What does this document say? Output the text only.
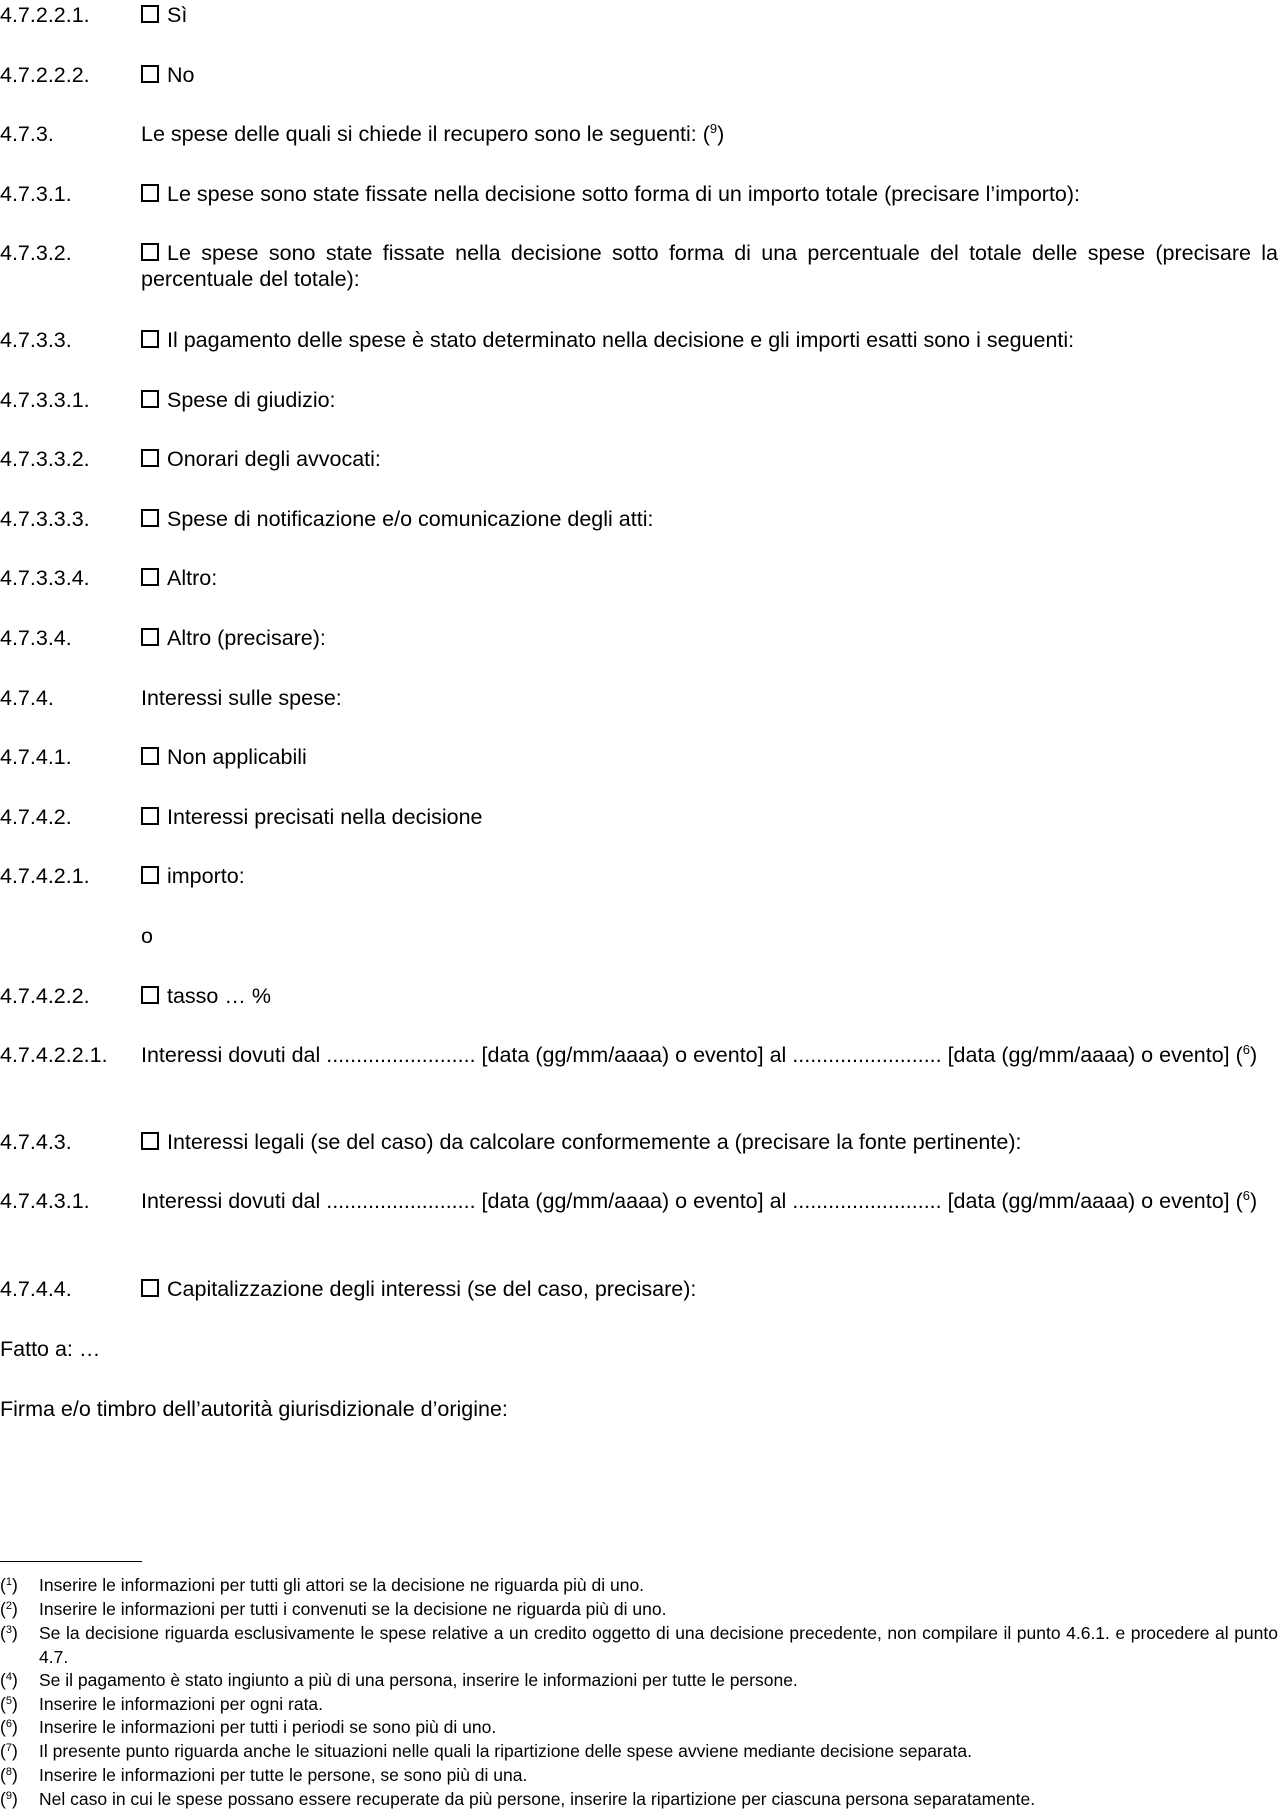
4.7.2.2.1.	Sì
4.7.2.2.2.	No
4.7.3.	Le spese delle quali si chiede il recupero sono le seguenti: ($^9$)
4.7.3.1.	Le spese sono state fissate nella decisione sotto forma di un importo totale (precisare l’importo):
4.7.3.2.	Le spese sono state fissate nella decisione sotto forma di una percentuale del totale delle spese (precisare la percentuale del totale):
4.7.3.3.	Il pagamento delle spese è stato determinato nella decisione e gli importi esatti sono i seguenti:
4.7.3.3.1.	Spese di giudizio:
4.7.3.3.2.	Onorari degli avvocati:
4.7.3.3.3.	Spese di notificazione e/o comunicazione degli atti:
4.7.3.3.4.	Altro:
4.7.3.4.	Altro (precisare):
4.7.4.	Interessi sulle spese:
4.7.4.1.	Non applicabili
4.7.4.2.	Interessi precisati nella decisione
4.7.4.2.1.	importo:
o
4.7.4.2.2.	tasso … %
4.7.4.2.2.1.	Interessi dovuti dal ......................... [data (gg/mm/aaaa) o evento] al ......................... [data (gg/mm/aaaa) o evento] ($^6$)
4.7.4.3.	Interessi legali (se del caso) da calcolare conformemente a (precisare la fonte pertinente):
4.7.4.3.1.	Interessi dovuti dal ......................... [data (gg/mm/aaaa) o evento] al ......................... [data (gg/mm/aaaa) o evento] ($^6$)
4.7.4.4.	Capitalizzazione degli interessi (se del caso, precisare):
Fatto a: …
Firma e/o timbro dell’autorità giurisdizionale d’origine:
($^1$)	Inserire le informazioni per tutti gli attori se la decisione ne riguarda più di uno.
($^2$)	Inserire le informazioni per tutti i convenuti se la decisione ne riguarda più di uno.
($^3$)	Se la decisione riguarda esclusivamente le spese relative a un credito oggetto di una decisione precedente, non compilare il punto 4.6.1. e procedere al punto 4.7.
($^4$)	Se il pagamento è stato ingiunto a più di una persona, inserire le informazioni per tutte le persone.
($^5$)	Inserire le informazioni per ogni rata.
($^6$)	Inserire le informazioni per tutti i periodi se sono più di uno.
($^7$)	Il presente punto riguarda anche le situazioni nelle quali la ripartizione delle spese avviene mediante decisione separata.
($^8$)	Inserire le informazioni per tutte le persone, se sono più di una.
($^9$)	Nel caso in cui le spese possano essere recuperate da più persone, inserire la ripartizione per ciascuna persona separatamente.
